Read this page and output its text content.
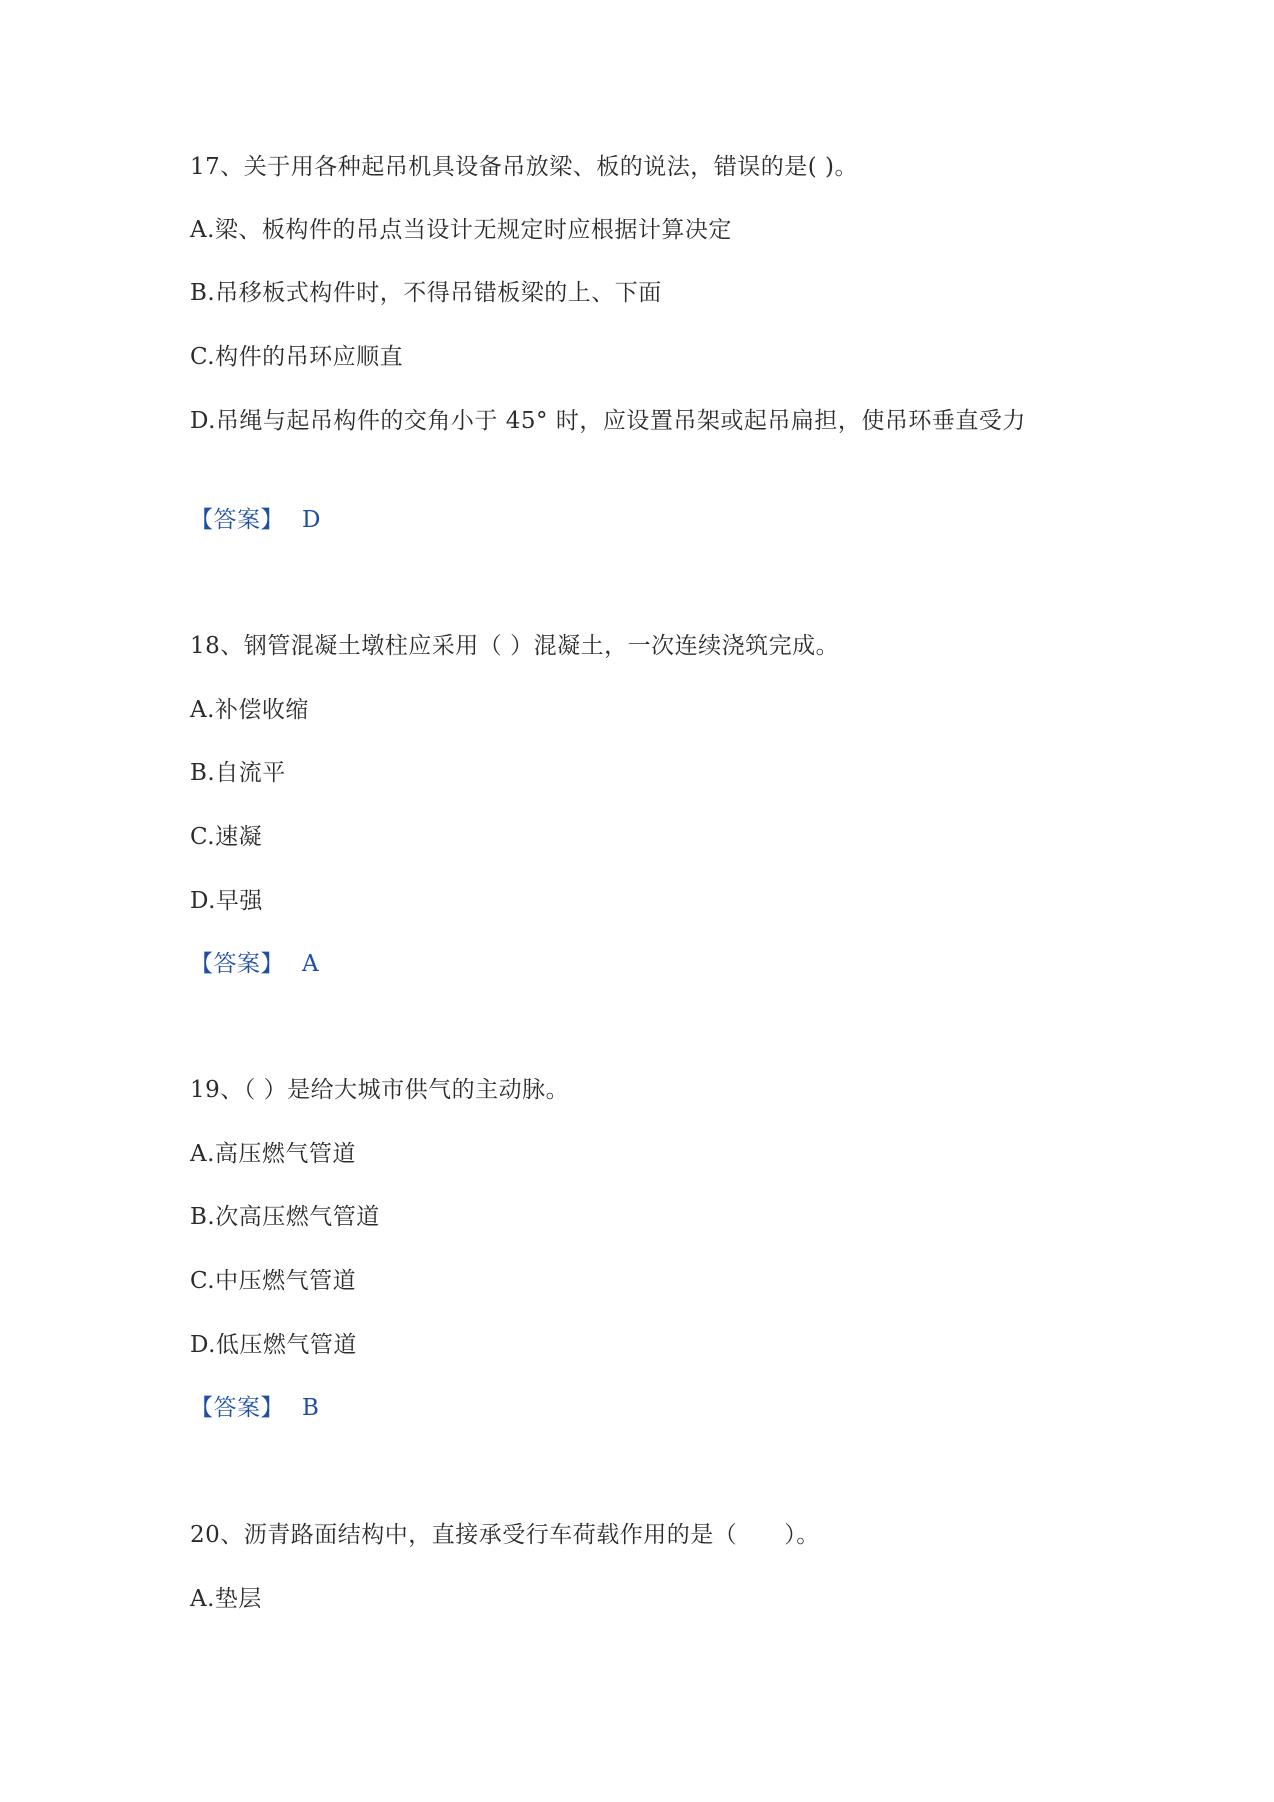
17、关于用各种起吊机具设备吊放梁、板的说法，错误的是( )。
A.梁、板构件的吊点当设计无规定时应根据计算决定
B.吊移板式构件时，不得吊错板梁的上、下面
C.构件的吊环应顺直
D.吊绳与起吊构件的交角小于 45° 时，应设置吊架或起吊扁担，使吊环垂直受力
【答案】 D
18、钢管混凝土墩柱应采用（ ）混凝土，一次连续浇筑完成。
A.补偿收缩
B.自流平
C.速凝
D.早强
【答案】 A
19、（ ）是给大城市供气的主动脉。
A.高压燃气管道
B.次高压燃气管道
C.中压燃气管道
D.低压燃气管道
【答案】 B
20、沥青路面结构中，直接承受行车荷载作用的是（　　）。
A.垫层
